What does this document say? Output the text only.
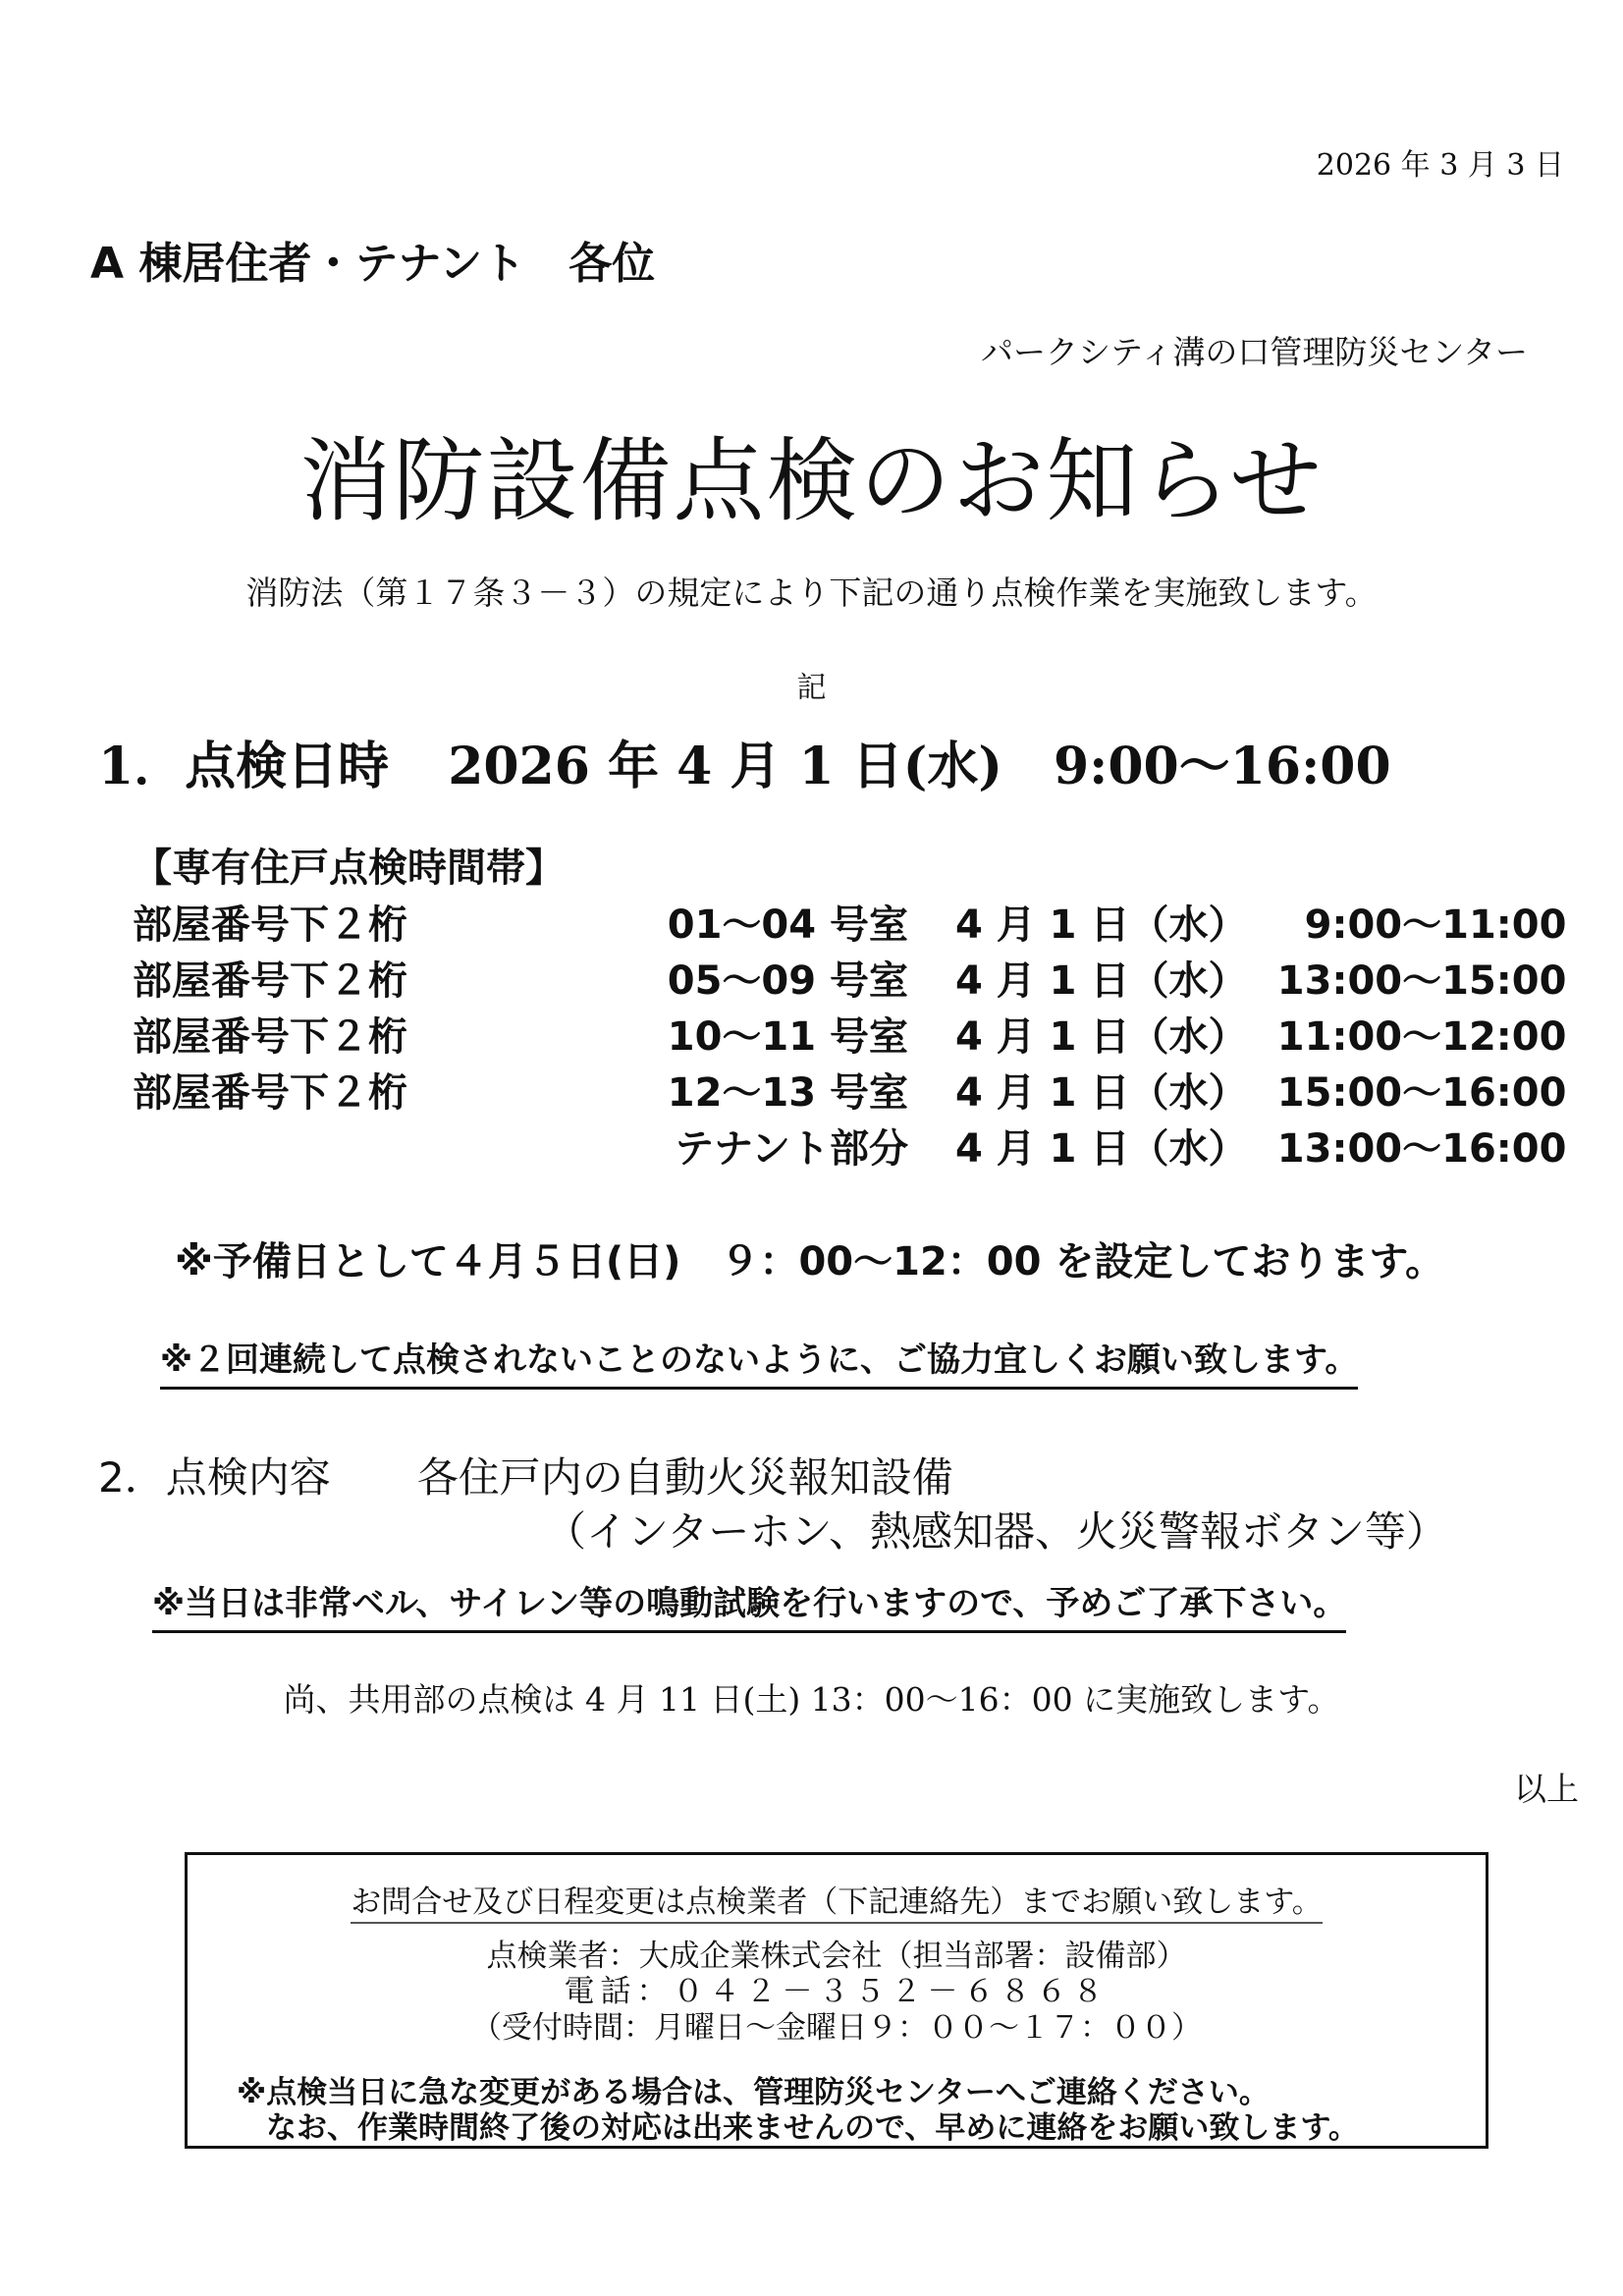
2026 年 3 月 3 日
A 棟居住者・テナント　各位
パークシティ溝の口管理防災センター
消防設備点検のお知らせ
消防法（第１７条３－３）の規定により下記の通り点検作業を実施致します。
記
1．点検日時 2026 年 4 月 1 日(水)　9:00～16:00
【専有住戸点検時間帯】
部屋番号下２桁	01～04 号室	4 月 1 日（水）	9:00～11:00
部屋番号下２桁	05～09 号室	4 月 1 日（水）	13:00～15:00
部屋番号下２桁	10～11 号室	4 月 1 日（水）	11:00～12:00
部屋番号下２桁	12～13 号室	4 月 1 日（水）	15:00～16:00
	テナント部分	4 月 1 日（水）	13:00～16:00
※予備日として４月５日(日)　９：00～12：00 を設定しております。
※２回連続して点検されないことのないように、ご協力宜しくお願い致します。
2．点検内容 各住戸内の自動火災報知設備
（インターホン、熱感知器、火災警報ボタン等）
※当日は非常ベル、サイレン等の鳴動試験を行いますので、予めご了承下さい。
尚、共用部の点検は 4 月 11 日(土) 13：00～16：00 に実施致します。
以上
お問合せ及び日程変更は点検業者（下記連絡先）までお願い致します。
点検業者：大成企業株式会社（担当部署：設備部）
電話：０４２－３５２－６８６８
（受付時間：月曜日～金曜日９：００～１７：００）
※点検当日に急な変更がある場合は、管理防災センターへご連絡ください。
なお、作業時間終了後の対応は出来ませんので、早めに連絡をお願い致します。
